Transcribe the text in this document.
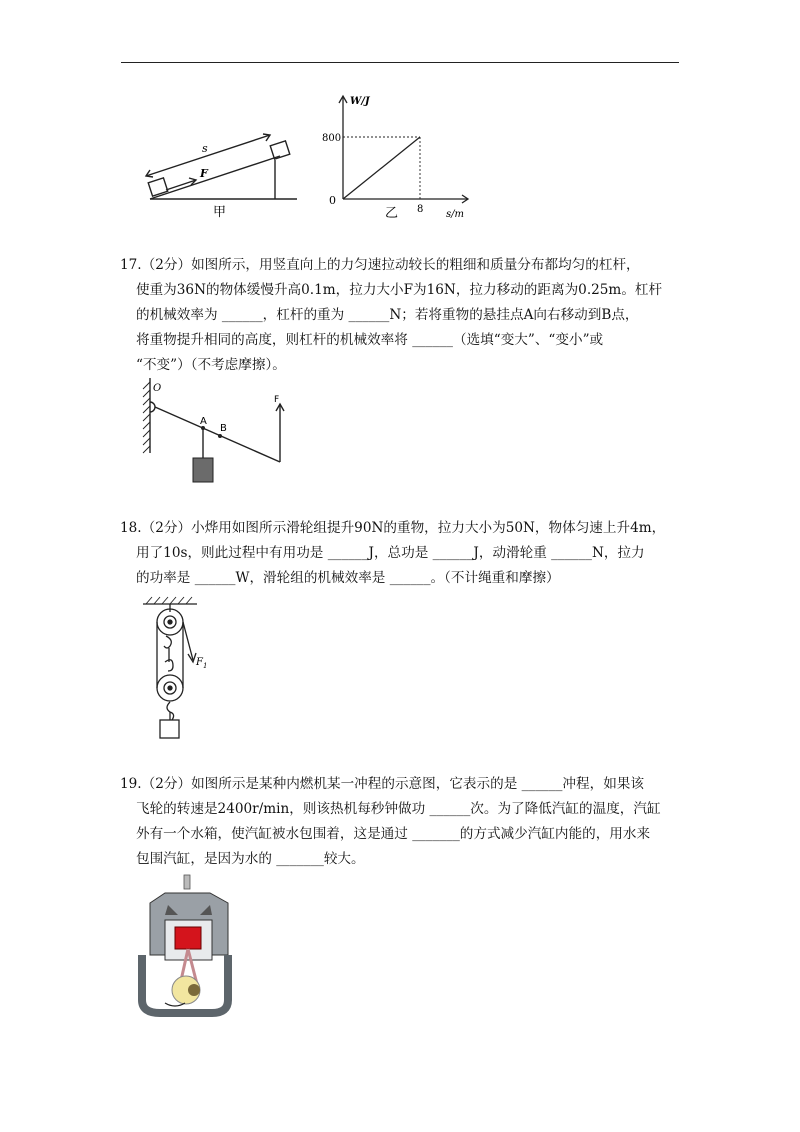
s
F
甲
W/J
800
0
8 s/m
乙
17.（2分）如图所示，用竖直向上的力匀速拉动较长的粗细和质量分布都均匀的杠杆，
使重为36N的物体缓慢升高0.1m，拉力大小F为16N，拉力移动的距离为0.25m。杠杆
的机械效率为 ______，杠杆的重为 ______N；若将重物的悬挂点A向右移动到B点，
将重物提升相同的高度，则杠杆的机械效率将 ______（选填“变大”、“变小”或
“不变”）（不考虑摩擦）。
O
A
B
F
18.（2分）小烨用如图所示滑轮组提升90N的重物，拉力大小为50N，物体匀速上升4m，
用了10s，则此过程中有用功是 ______J，总功是 ______J，动滑轮重 ______N，拉力
的功率是 ______W，滑轮组的机械效率是 ______。（不计绳重和摩擦）
$F_1$
19.（2分）如图所示是某种内燃机某一冲程的示意图，它表示的是 ______冲程，如果该
飞轮的转速是2400r/min，则该热机每秒钟做功 ______次。为了降低汽缸的温度，汽缸
外有一个水箱，使汽缸被水包围着，这是通过 _______的方式减少汽缸内能的，用水来
包围汽缸，是因为水的 _______较大。
